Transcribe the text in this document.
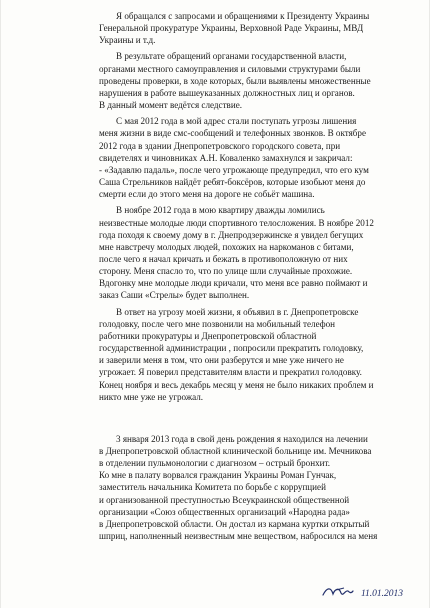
Я обращался с запросами и обращениями к Президенту Украины
Генеральной прокуратуре Украины, Верховной Раде Украины, МВД
Украины и т.д.

В результате обращений органами государственной власти,
органами местного самоуправления и силовыми структурами были
проведены проверки, в ходе которых, были выявлены множественные
нарушения в работе вышеуказанных должностных лиц и органов.
В данный момент ведётся следствие.

С мая 2012 года в мой адрес стали поступать угрозы лишения
меня жизни в виде смс-сообщений и телефонных звонков. В октябре
2012 года в здании Днепропетровского городского совета, при
свидетелях и чиновниках А.Н. Коваленко замахнулся и закричал:
- «Задавлю падаль», после чего угрожающе предупредил, что его кум
Саша Стрельников найдёт ребят-боксёров, которые изобьют меня до
смерти если до этого меня на дороге не собьёт машина.

В ноябре 2012 года в мою квартиру дважды ломились
неизвестные молодые люди спортивного телосложения. В ноябре 2012
года походя к своему дому в г. Днепродзержинске я увидел бегущих
мне навстречу молодых людей, похожих на наркоманов с битами,
после чего я начал кричать и бежать в противоположную от них
сторону. Меня спасло то, что по улице шли случайные прохожие.
Вдогонку мне молодые люди кричали, что меня все равно поймают и
заказ Саши «Стрелы» будет выполнен.

В ответ на угрозу моей жизни, я объявил в г. Днепропетровске
голодовку, после чего мне позвонили на мобильный телефон
работники прокуратуры и Днепропетровской областной
государственной администрации , попросили прекратить голодовку,
и заверили меня в том, что они разберутся и мне уже ничего не
угрожает. Я поверил представителям власти и прекратил голодовку.
Конец ноября и весь декабрь месяц у меня не было никаких проблем и
никто мне уже не угрожал.

3 января 2013 года в свой день рождения я находился на лечении
в Днепропетровской областной клинической больнице им. Мечникова
в отделении пульмонологии с диагнозом – острый бронхит.
Ко мне в палату ворвался гражданин Украины Роман Гунчак,
заместитель начальника Комитета по борьбе с коррупцией
и организованной преступностью Всеукраинской общественной
организации «Союз общественных организаций «Народна рада»
в Днепропетровской области. Он достал из кармана куртки открытый
шприц, наполненный неизвестным мне веществом, набросился на меня

11.01.2013
